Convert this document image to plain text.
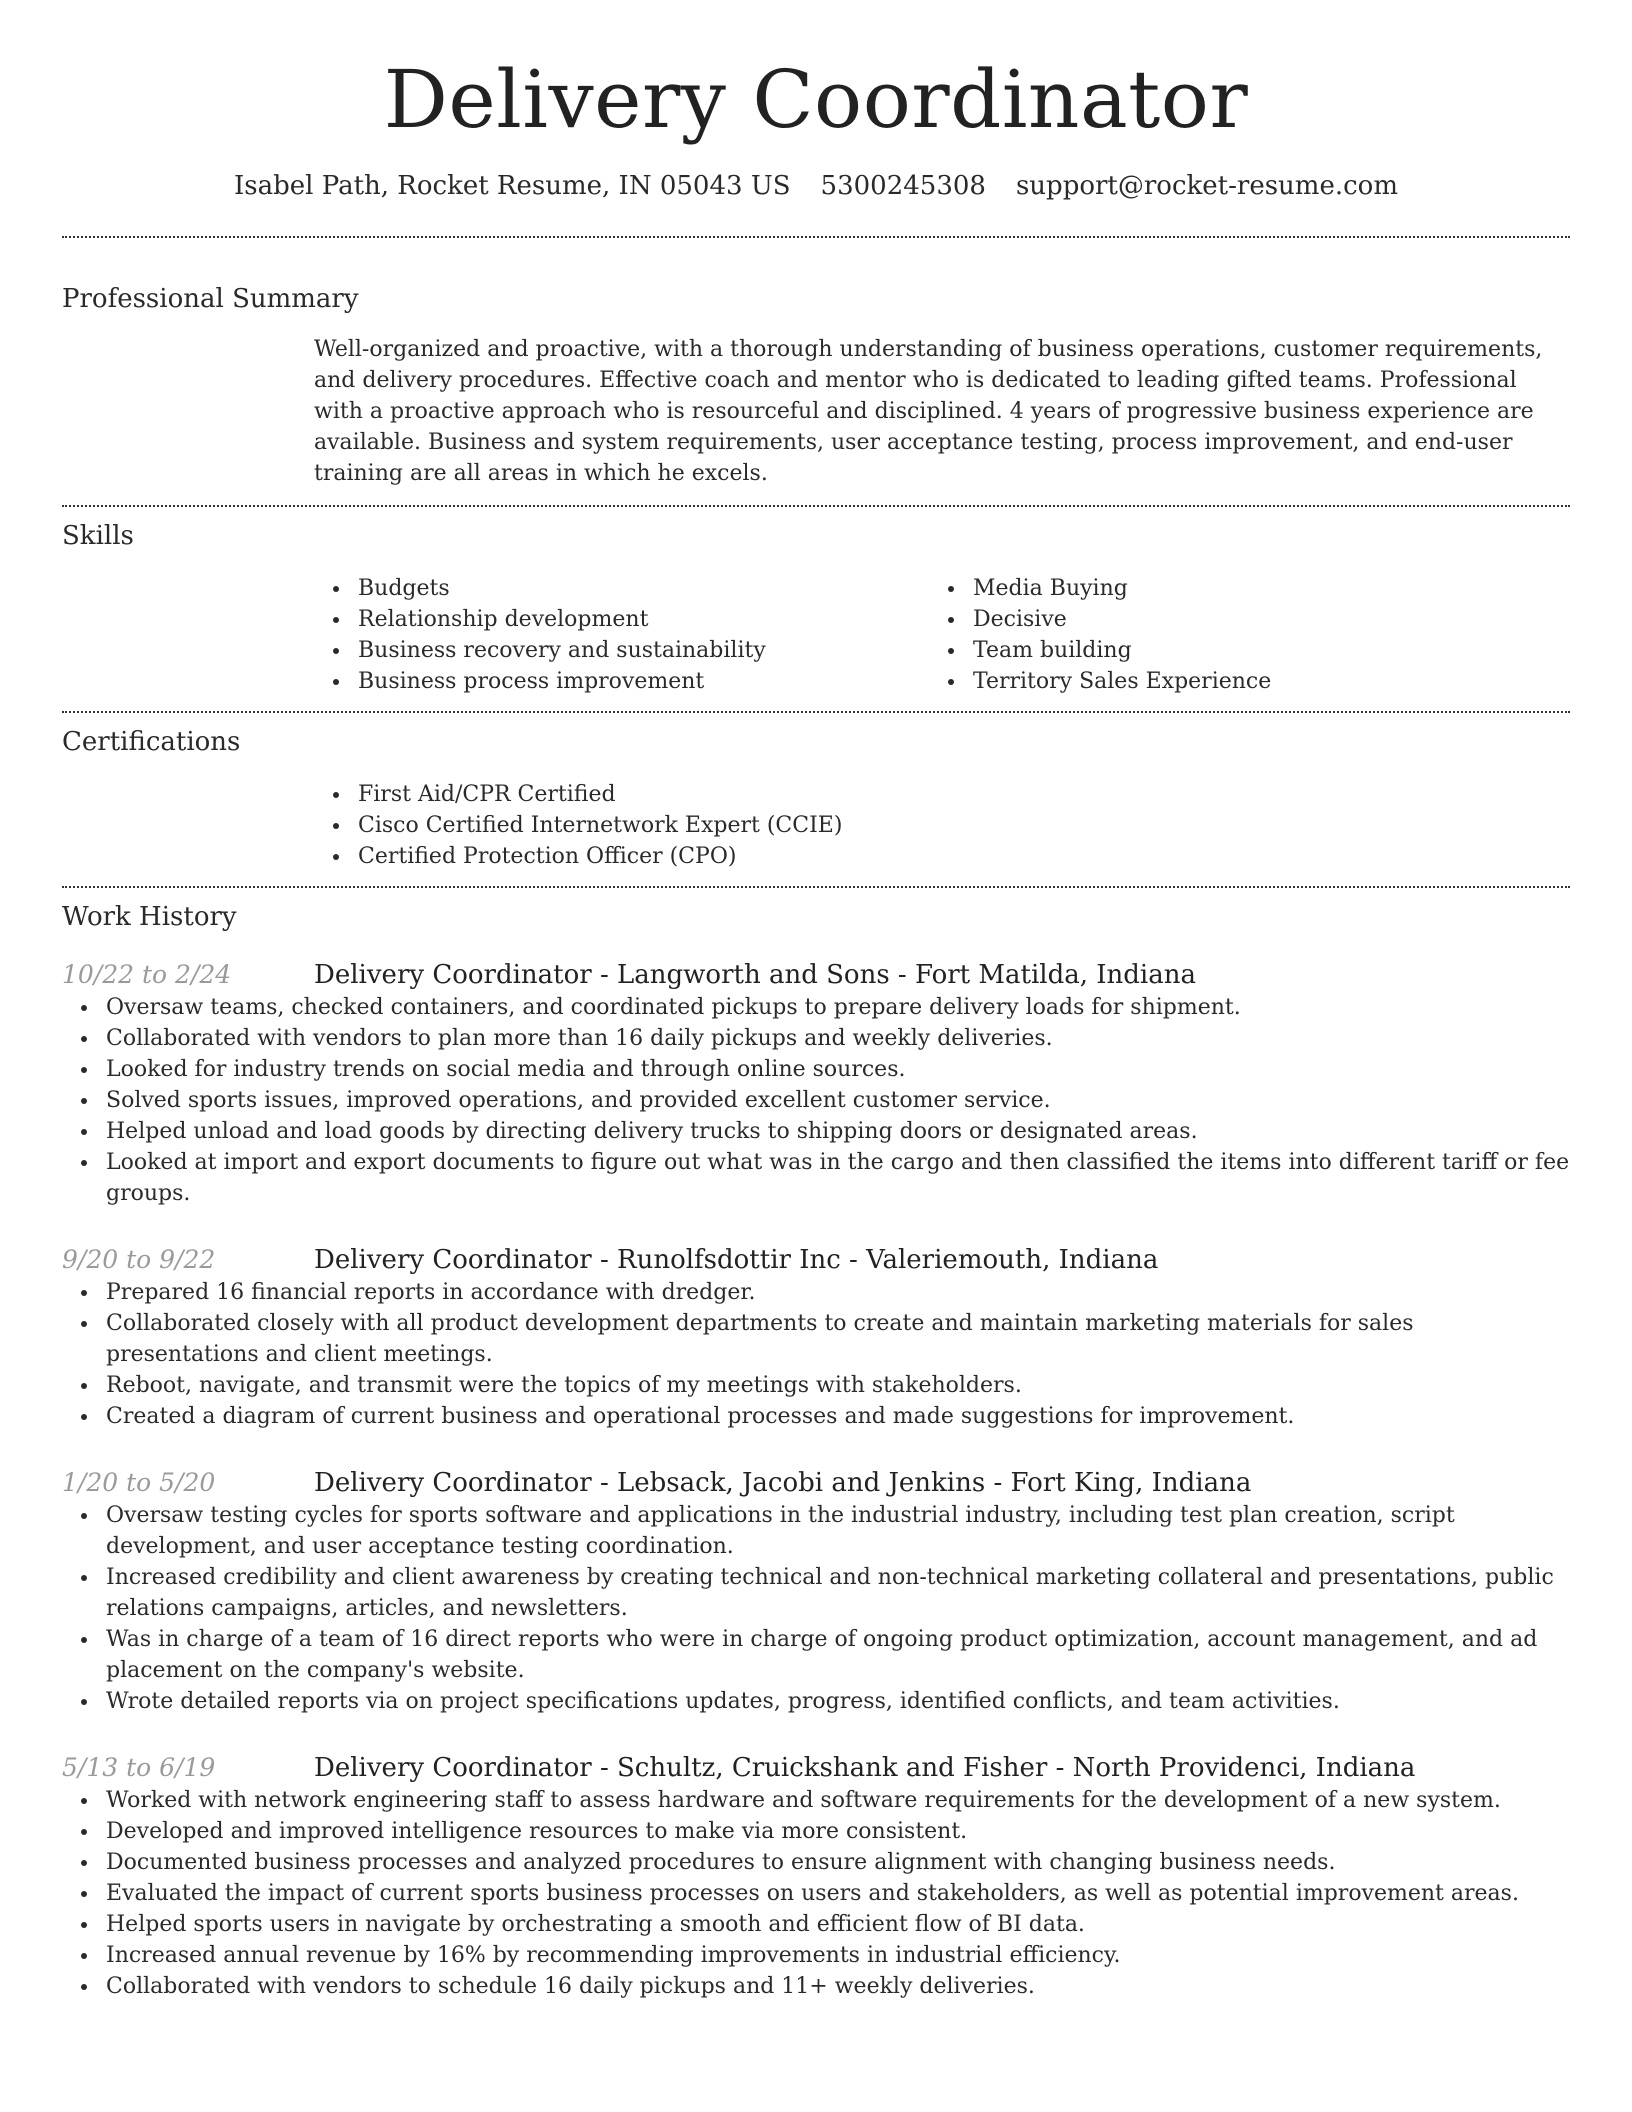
Delivery Coordinator
Isabel Path, Rocket Resume, IN 05043 US 5300245308 support@rocket-resume.com
Professional Summary

Well-organized and proactive, with a thorough understanding of business operations, customer requirements, and delivery procedures. Effective coach and mentor who is dedicated to leading gifted teams. Professional with a proactive approach who is resourceful and disciplined. 4 years of progressive business experience are available. Business and system requirements, user acceptance testing, process improvement, and end-user training are all areas in which he excels.

Skills
Budgets
Relationship development
Business recovery and sustainability
Business process improvement
Media Buying
Decisive
Team building
Territory Sales Experience
Certifications
First Aid/CPR Certified
Cisco Certified Internetwork Expert (CCIE)
Certified Protection Officer (CPO)
Work History
10/22 to 2/24	Delivery Coordinator - Langworth and Sons - Fort Matilda, Indiana
Oversaw teams, checked containers, and coordinated pickups to prepare delivery loads for shipment.
Collaborated with vendors to plan more than 16 daily pickups and weekly deliveries.
Looked for industry trends on social media and through online sources.
Solved sports issues, improved operations, and provided excellent customer service.
Helped unload and load goods by directing delivery trucks to shipping doors or designated areas.
Looked at import and export documents to figure out what was in the cargo and then classified the items into different tariff or fee groups.
9/20 to 9/22	Delivery Coordinator - Runolfsdottir Inc - Valeriemouth, Indiana
Prepared 16 financial reports in accordance with dredger.
Collaborated closely with all product development departments to create and maintain marketing materials for sales presentations and client meetings.
Reboot, navigate, and transmit were the topics of my meetings with stakeholders.
Created a diagram of current business and operational processes and made suggestions for improvement.
1/20 to 5/20	Delivery Coordinator - Lebsack, Jacobi and Jenkins - Fort King, Indiana
Oversaw testing cycles for sports software and applications in the industrial industry, including test plan creation, script development, and user acceptance testing coordination.
Increased credibility and client awareness by creating technical and non-technical marketing collateral and presentations, public relations campaigns, articles, and newsletters.
Was in charge of a team of 16 direct reports who were in charge of ongoing product optimization, account management, and ad placement on the company's website.
Wrote detailed reports via on project specifications updates, progress, identified conflicts, and team activities.
5/13 to 6/19	Delivery Coordinator - Schultz, Cruickshank and Fisher - North Providenci, Indiana
Worked with network engineering staff to assess hardware and software requirements for the development of a new system.
Developed and improved intelligence resources to make via more consistent.
Documented business processes and analyzed procedures to ensure alignment with changing business needs.
Evaluated the impact of current sports business processes on users and stakeholders, as well as potential improvement areas.
Helped sports users in navigate by orchestrating a smooth and efficient flow of BI data.
Increased annual revenue by 16% by recommending improvements in industrial efficiency.
Collaborated with vendors to schedule 16 daily pickups and 11+ weekly deliveries.
